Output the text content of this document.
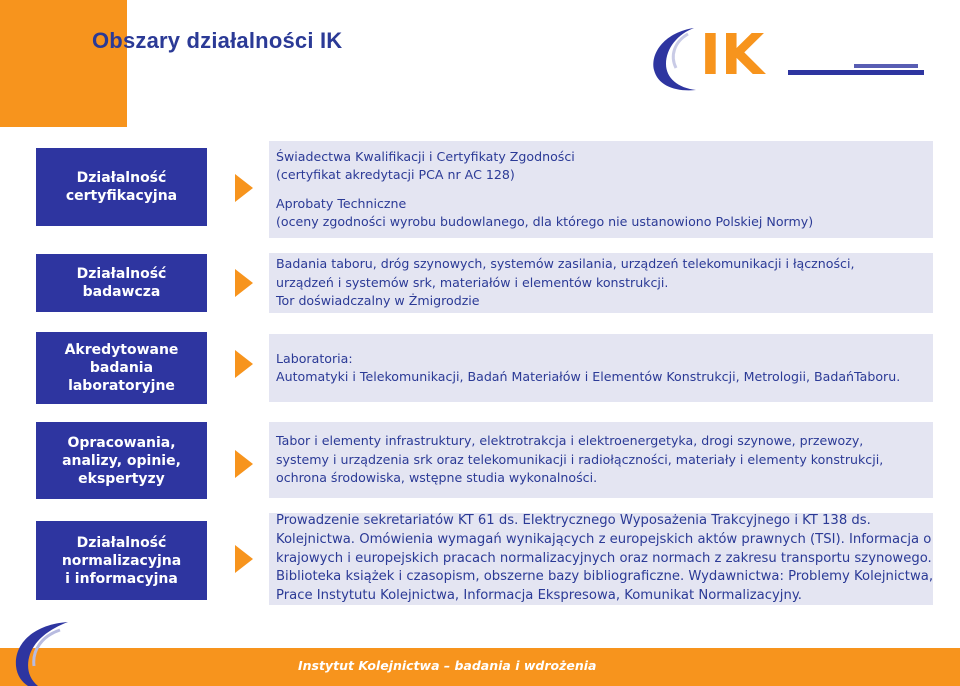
Obszary działalności IK	IK
Działalność
certyfikacyjna
Świadectwa Kwalifikacji i Certyfikaty Zgodności
(certyfikat akredytacji PCA nr AC 128)
Aprobaty Techniczne
(oceny zgodności wyrobu budowlanego, dla którego nie ustanowiono Polskiej Normy)
Działalność
badawcza
Badania taboru, dróg szynowych, systemów zasilania, urządzeń telekomunikacji i łączności,
urządzeń i systemów srk, materiałów i elementów konstrukcji.
Tor doświadczalny w Żmigrodzie
Akredytowane
badania
laboratoryjne
Laboratoria:
Automatyki i Telekomunikacji, Badań Materiałów i Elementów Konstrukcji, Metrologii, BadańTaboru.
Opracowania,
analizy, opinie,
ekspertyzy
Tabor i elementy infrastruktury, elektrotrakcja i elektroenergetyka, drogi szynowe, przewozy,
systemy i urządzenia srk oraz telekomunikacji i radiołączności, materiały i elementy konstrukcji,
ochrona środowiska, wstępne studia wykonalności.
Działalność
normalizacyjna
i informacyjna
Prowadzenie sekretariatów KT 61 ds. Elektrycznego Wyposażenia Trakcyjnego i KT 138 ds.
Kolejnictwa. Omówienia wymagań wynikających z europejskich aktów prawnych (TSI). Informacja o
krajowych i europejskich pracach normalizacyjnych oraz normach z zakresu transportu szynowego.
Biblioteka książek i czasopism, obszerne bazy bibliograficzne. Wydawnictwa: Problemy Kolejnictwa,
Prace Instytutu Kolejnictwa, Informacja Ekspresowa, Komunikat Normalizacyjny.
Instytut Kolejnictwa – badania i wdrożenia
